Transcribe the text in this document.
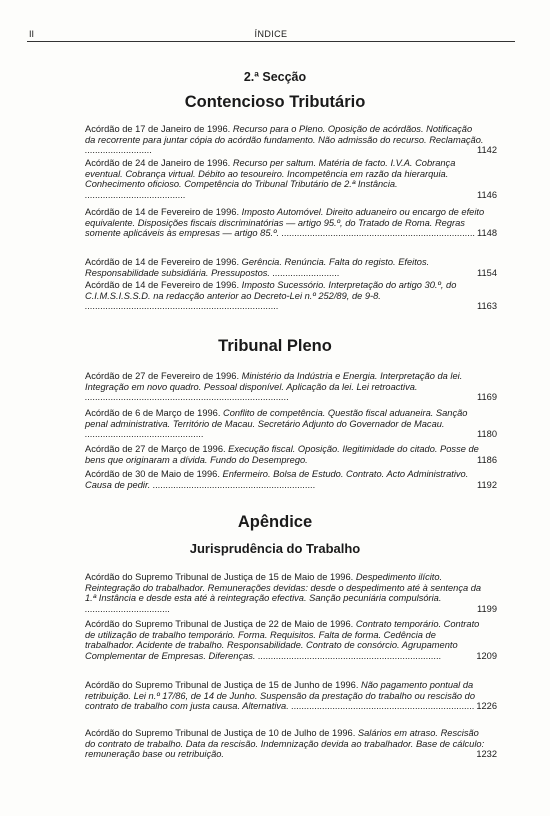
II	ÍNDICE
2.ª Secção
Contencioso Tributário
Acórdão de 17 de Janeiro de 1996. Recurso para o Pleno. Oposição de acórdãos. Notificação da recorrente para juntar cópia do acórdão fundamento. Não admissão do recurso. Reclamação. ..........................	1142
Acórdão de 24 de Janeiro de 1996. Recurso per saltum. Matéria de facto. I.V.A. Cobrança eventual. Cobrança virtual. Débito ao tesoureiro. Incompetência em razão da hierarquia. Conhecimento oficioso. Competência do Tribunal Tributário de 2.ª Instância. .......................................	1146
Acórdão de 14 de Fevereiro de 1996. Imposto Automóvel. Direito aduaneiro ou encargo de efeito equivalente. Disposições fiscais discriminatórias — artigo 95.º, do Tratado de Roma. Regras somente aplicáveis às empresas — artigo 85.º. ........................................................................... 1148
Acórdão de 14 de Fevereiro de 1996. Gerência. Renúncia. Falta do registo. Efeitos. Responsabilidade subsidiária. Pressupostos. ..........................	1154
Acórdão de 14 de Fevereiro de 1996. Imposto Sucessório. Interpretação do artigo 30.º, do C.I.M.S.I.S.S.D. na redacção anterior ao Decreto-Lei n.º 252/89, de 9-8. ...........................................................................	1163
Tribunal Pleno
Acórdão de 27 de Fevereiro de 1996. Ministério da Indústria e Energia. Interpretação da lei. Integração em novo quadro. Pessoal disponível. Aplicação da lei. Lei retroactiva. ...............................................................................	1169
Acórdão de 6 de Março de 1996. Conflito de competência. Questão fiscal aduaneira. Sanção penal administrativa. Território de Macau. Secretário Adjunto do Governador de Macau. ..............................................	1180
Acórdão de 27 de Março de 1996. Execução fiscal. Oposição. Ilegitimidade do citado. Posse de bens que originaram a dívida. Fundo do Desemprego.	1186
Acórdão de 30 de Maio de 1996. Enfermeiro. Bolsa de Estudo. Contrato. Acto Administrativo. Causa de pedir. ...............................................................	1192
Apêndice
Jurisprudência do Trabalho
Acórdão do Supremo Tribunal de Justiça de 15 de Maio de 1996. Despedimento ilícito. Reintegração do trabalhador. Remunerações devidas: desde o despedimento até à sentença da 1.ª Instância e desde esta até à reintegração efectiva. Sanção pecuniária compulsória. .................................	1199
Acórdão do Supremo Tribunal de Justiça de 22 de Maio de 1996. Contrato temporário. Contrato de utilização de trabalho temporário. Forma. Requisitos. Falta de forma. Cedência de trabalhador. Acidente de trabalho. Responsabilidade. Contrato de consórcio. Agrupamento Complementar de Empresas. Diferenças. .......................................................................	1209
Acórdão do Supremo Tribunal de Justiça de 15 de Junho de 1996. Não pagamento pontual da retribuição. Lei n.º 17/86, de 14 de Junho. Suspensão da prestação do trabalho ou rescisão do contrato de trabalho com justa causa. Alternativa. ....................................................................... 1226
Acórdão do Supremo Tribunal de Justiça de 10 de Julho de 1996. Salários em atraso. Rescisão do contrato de trabalho. Data da rescisão. Indemnização devida ao trabalhador. Base de cálculo: remuneração base ou retribuição.	1232
